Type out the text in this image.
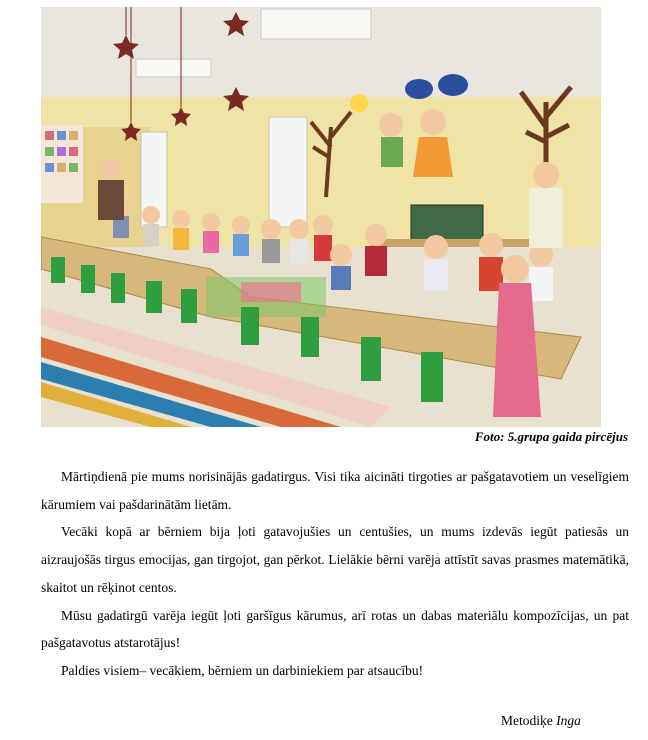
Foto: 5.grupa gaida pircējus

Mārtiņdienā pie mums norisinājās gadatirgus. Visi tika aicināti tirgoties ar pašgatavotiem un veselīgiem kārumiem vai pašdarinātām lietām.

Vecāki kopā ar bērniem bija ļoti gatavojušies un centušies, un mums izdevās iegūt patiesās un aizraujošās tirgus emocijas, gan tirgojot, gan pērkot. Lielākie bērni varēja attīstīt savas prasmes matemātikā, skaitot un rēķinot centos.

Mūsu gadatirgū varēja iegūt ļoti garšīgus kārumus, arī rotas un dabas materiālu kompozīcijas, un pat pašgatavotus atstarotājus!

Paldies visiem– vecākiem, bērniem un darbiniekiem par atsaucību!

Metodiķe Inga
